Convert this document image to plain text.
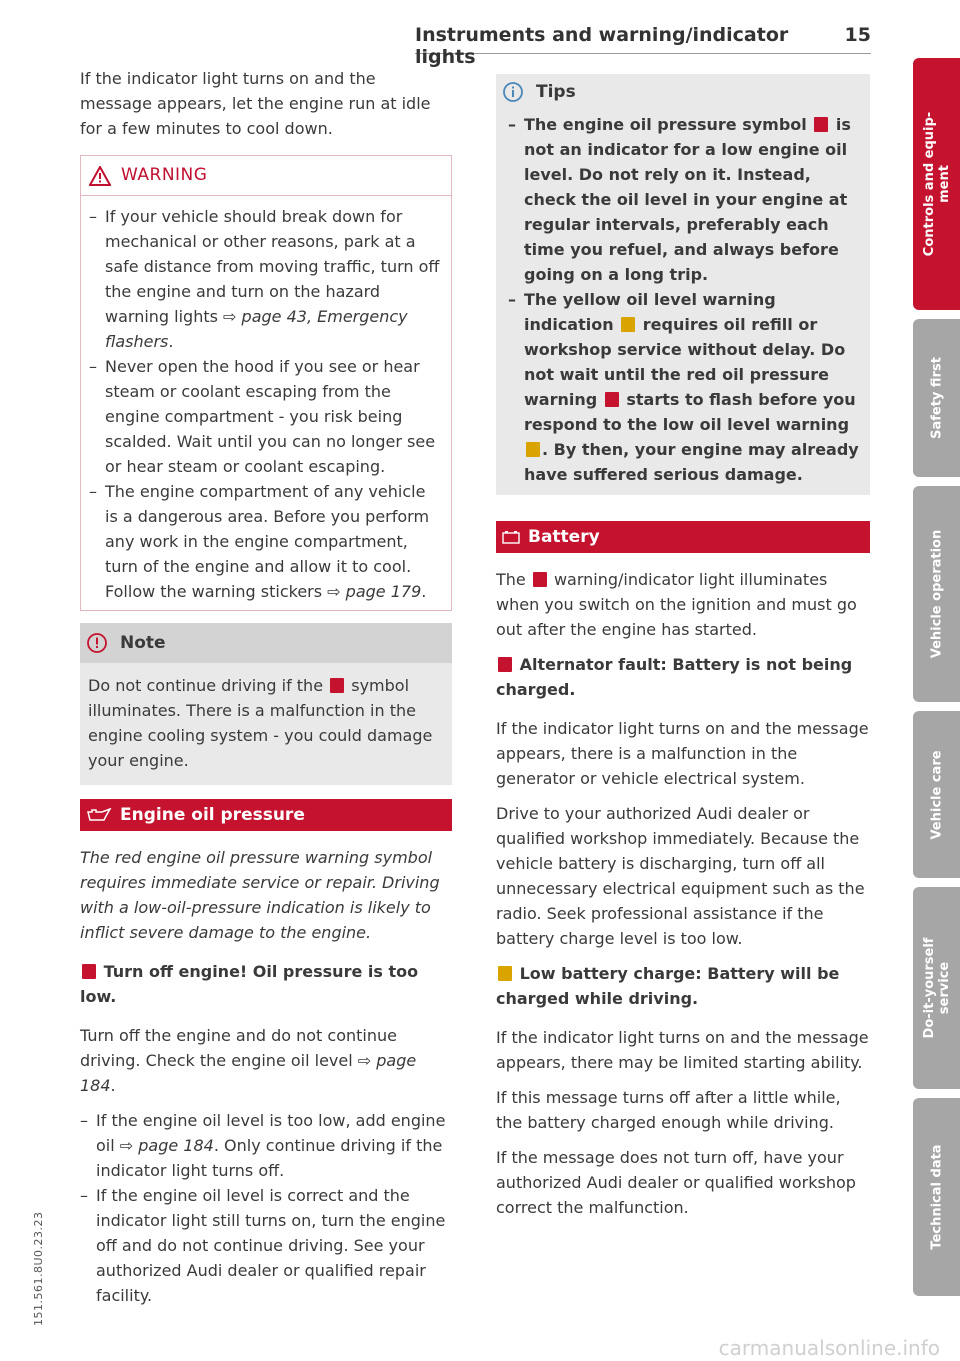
Instruments and warning/indicator lights
15

If the indicator light turns on and the message appears, let the engine run at idle for a few minutes to cool down.

WARNING
– If your vehicle should break down for mechanical or other reasons, park at a safe distance from moving traffic, turn off the engine and turn on the hazard warning lights ⇨ page 43, Emergency flashers.
– Never open the hood if you see or hear steam or coolant escaping from the engine compartment - you risk being scalded. Wait until you can no longer see or hear steam or coolant escaping.
– The engine compartment of any vehicle is a dangerous area. Before you perform any work in the engine compartment, turn of the engine and allow it to cool. Follow the warning stickers ⇨ page 179.
Note

Do not continue driving if the symbol illuminates. There is a malfunction in the engine cooling system - you could damage your engine.

Engine oil pressure

The red engine oil pressure warning symbol requires immediate service or repair. Driving with a low-oil-pressure indication is likely to inflict severe damage to the engine.

Turn off engine! Oil pressure is too low.

Turn off the engine and do not continue driving. Check the engine oil level ⇨ page 184.

– If the engine oil level is too low, add engine oil ⇨ page 184. Only continue driving if the indicator light turns off.
– If the engine oil level is correct and the indicator light still turns on, turn the engine off and do not continue driving. See your authorized Audi dealer or qualified repair facility.
Tips
– The engine oil pressure symbol is not an indicator for a low engine oil level. Do not rely on it. Instead, check the oil level in your engine at regular intervals, preferably each time you refuel, and always before going on a long trip.
– The yellow oil level warning indication requires oil refill or workshop service without delay. Do not wait until the red oil pressure warning starts to flash before you respond to the low oil level warning . By then, your engine may already have suffered serious damage.
Battery

The warning/indicator light illuminates when you switch on the ignition and must go out after the engine has started.

Alternator fault: Battery is not being charged.

If the indicator light turns on and the message appears, there is a malfunction in the generator or vehicle electrical system.

Drive to your authorized Audi dealer or qualified workshop immediately. Because the vehicle battery is discharging, turn off all unnecessary electrical equipment such as the radio. Seek professional assistance if the battery charge level is too low.

Low battery charge: Battery will be charged while driving.

If the indicator light turns on and the message appears, there may be limited starting ability.

If this message turns off after a little while, the battery charged enough while driving.

If the message does not turn off, have your authorized Audi dealer or qualified workshop correct the malfunction.

Controls and equip-
ment
Safety first
Vehicle operation
Vehicle care
Do-it-yourself
service
Technical data
151.561.8U0.23.23
carmanualsonline.info
